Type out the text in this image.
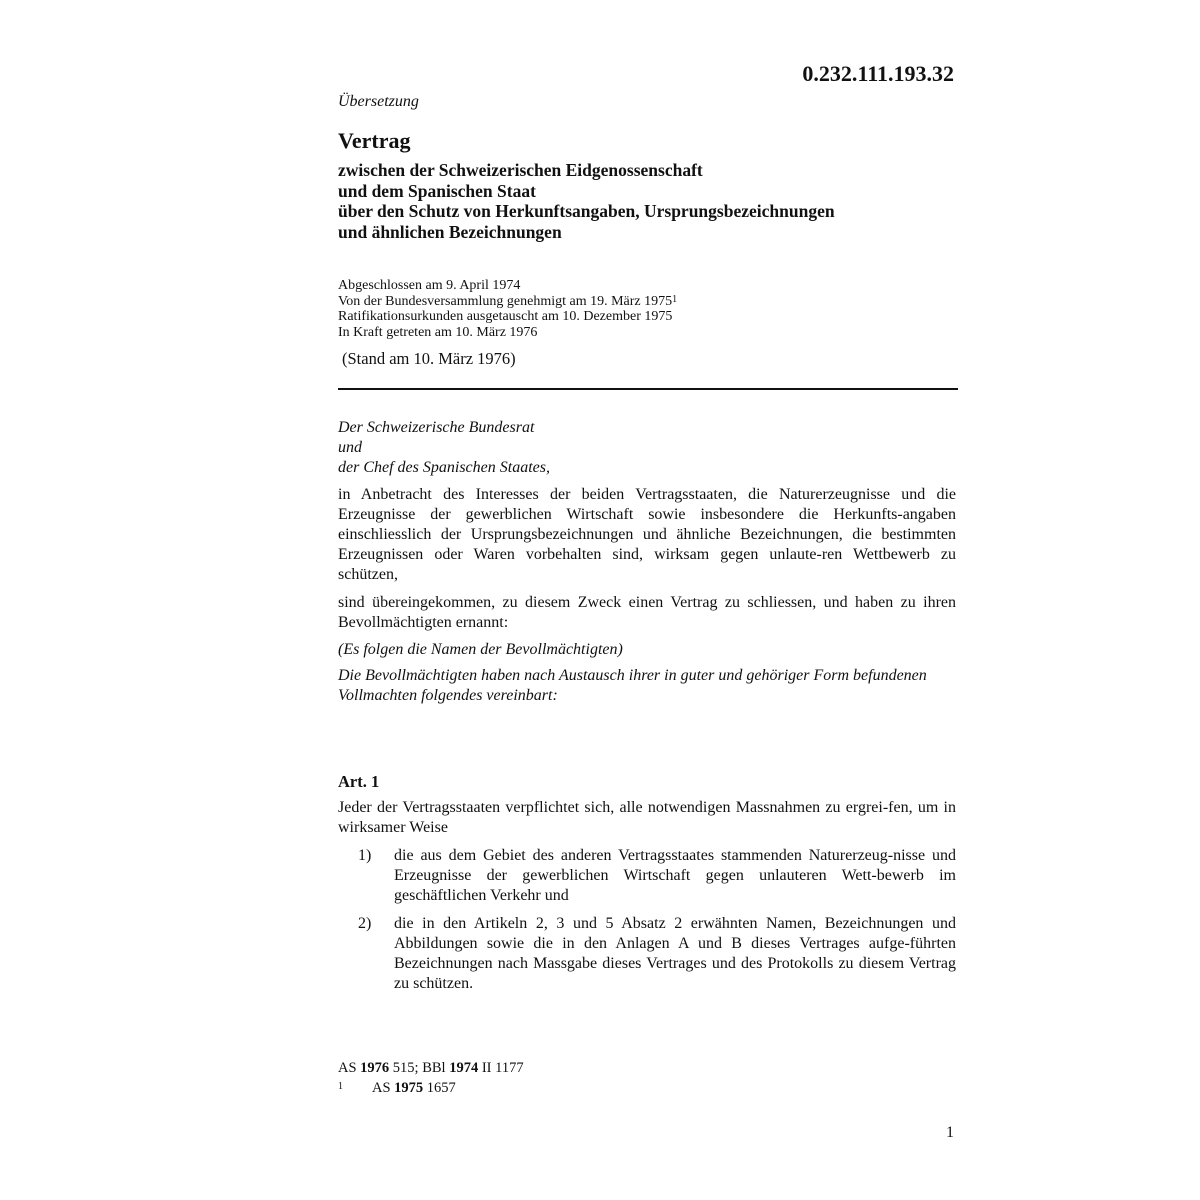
0.232.111.193.32
Übersetzung
Vertrag
zwischen der Schweizerischen Eidgenossenschaft
und dem Spanischen Staat
über den Schutz von Herkunftsangaben, Ursprungsbezeichnungen
und ähnlichen Bezeichnungen
Abgeschlossen am 9. April 1974
Von der Bundesversammlung genehmigt am 19. März 1975$^1$
Ratifikationsurkunden ausgetauscht am 10. Dezember 1975
In Kraft getreten am 10. März 1976
(Stand am 10. März 1976)
Der Schweizerische Bundesrat
und
der Chef des Spanischen Staates,
in Anbetracht des Interesses der beiden Vertragsstaaten, die Naturerzeugnisse und die Erzeugnisse der gewerblichen Wirtschaft sowie insbesondere die Herkunfts-angaben einschliesslich der Ursprungsbezeichnungen und ähnliche Bezeichnungen, die bestimmten Erzeugnissen oder Waren vorbehalten sind, wirksam gegen unlaute-ren Wettbewerb zu schützen,
sind übereingekommen, zu diesem Zweck einen Vertrag zu schliessen, und haben zu ihren Bevollmächtigten ernannt:
(Es folgen die Namen der Bevollmächtigten)
Die Bevollmächtigten haben nach Austausch ihrer in guter und gehöriger Form befundenen Vollmachten folgendes vereinbart:
Art. 1
Jeder der Vertragsstaaten verpflichtet sich, alle notwendigen Massnahmen zu ergrei-fen, um in wirksamer Weise
1) die aus dem Gebiet des anderen Vertragsstaates stammenden Naturerzeug-nisse und Erzeugnisse der gewerblichen Wirtschaft gegen unlauteren Wett-bewerb im geschäftlichen Verkehr und
2) die in den Artikeln 2, 3 und 5 Absatz 2 erwähnten Namen, Bezeichnungen und Abbildungen sowie die in den Anlagen A und B dieses Vertrages aufge-führten Bezeichnungen nach Massgabe dieses Vertrages und des Protokolls zu diesem Vertrag zu schützen.
AS 1976 515; BBl 1974 II 1177
1 AS 1975 1657
1
